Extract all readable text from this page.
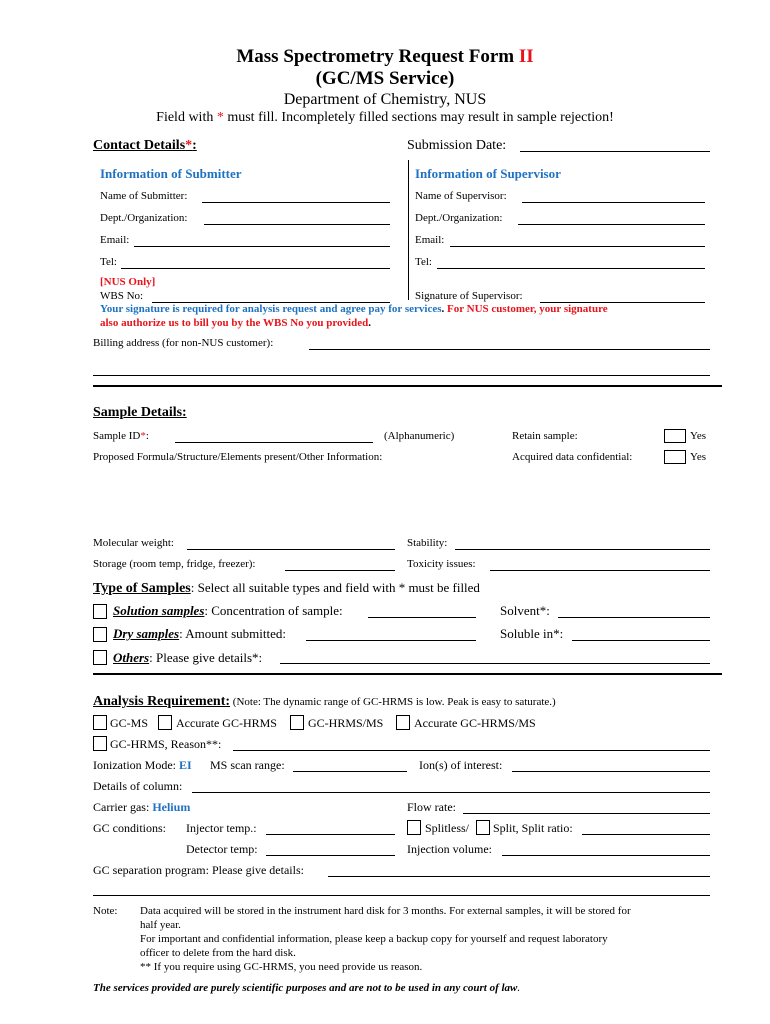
Mass Spectrometry Request Form II
(GC/MS Service)
Department of Chemistry, NUS
Field with * must fill. Incompletely filled sections may result in sample rejection!
Contact Details*:	Submission Date:
Information of Submitter	Information of Supervisor
Name of Submitter:
Dept./Organization:
Email:
Tel:
[NUS Only]
WBS No:
Name of Supervisor:
Dept./Organization:
Email:
Tel:
Signature of Supervisor:
Your signature is required for analysis request and agree pay for services. For NUS customer, your signature
also authorize us to bill you by the WBS No you provided.
Billing address (for non-NUS customer):
Sample Details:
Sample ID*:	(Alphanumeric)	Retain sample:	Yes
Proposed Formula/Structure/Elements present/Other Information:	Acquired data confidential:	Yes
Molecular weight:	Stability:
Storage (room temp, fridge, freezer):	Toxicity issues:
Type of Samples: Select all suitable types and field with * must be filled
Solution samples: Concentration of sample:	Solvent*:
Dry samples: Amount submitted:	Soluble in*:
Others: Please give details*:
Analysis Requirement: (Note: The dynamic range of GC-HRMS is low. Peak is easy to saturate.)
GC-MS Accurate GC-HRMS	GC-HRMS/MS	Accurate GC-HRMS/MS
GC-HRMS, Reason**:
Ionization Mode: EI MS scan range:	Ion(s) of interest:
Details of column:
Carrier gas: Helium	Flow rate:
GC conditions: Injector temp.:	Splitless/ Split, Split ratio:
Detector temp:	Injection volume:
GC separation program: Please give details:
Note: Data acquired will be stored in the instrument hard disk for 3 months. For external samples, it will be stored for
half year.
For important and confidential information, please keep a backup copy for yourself and request laboratory
officer to delete from the hard disk.
** If you require using GC-HRMS, you need provide us reason.
The services provided are purely scientific purposes and are not to be used in any court of law.
